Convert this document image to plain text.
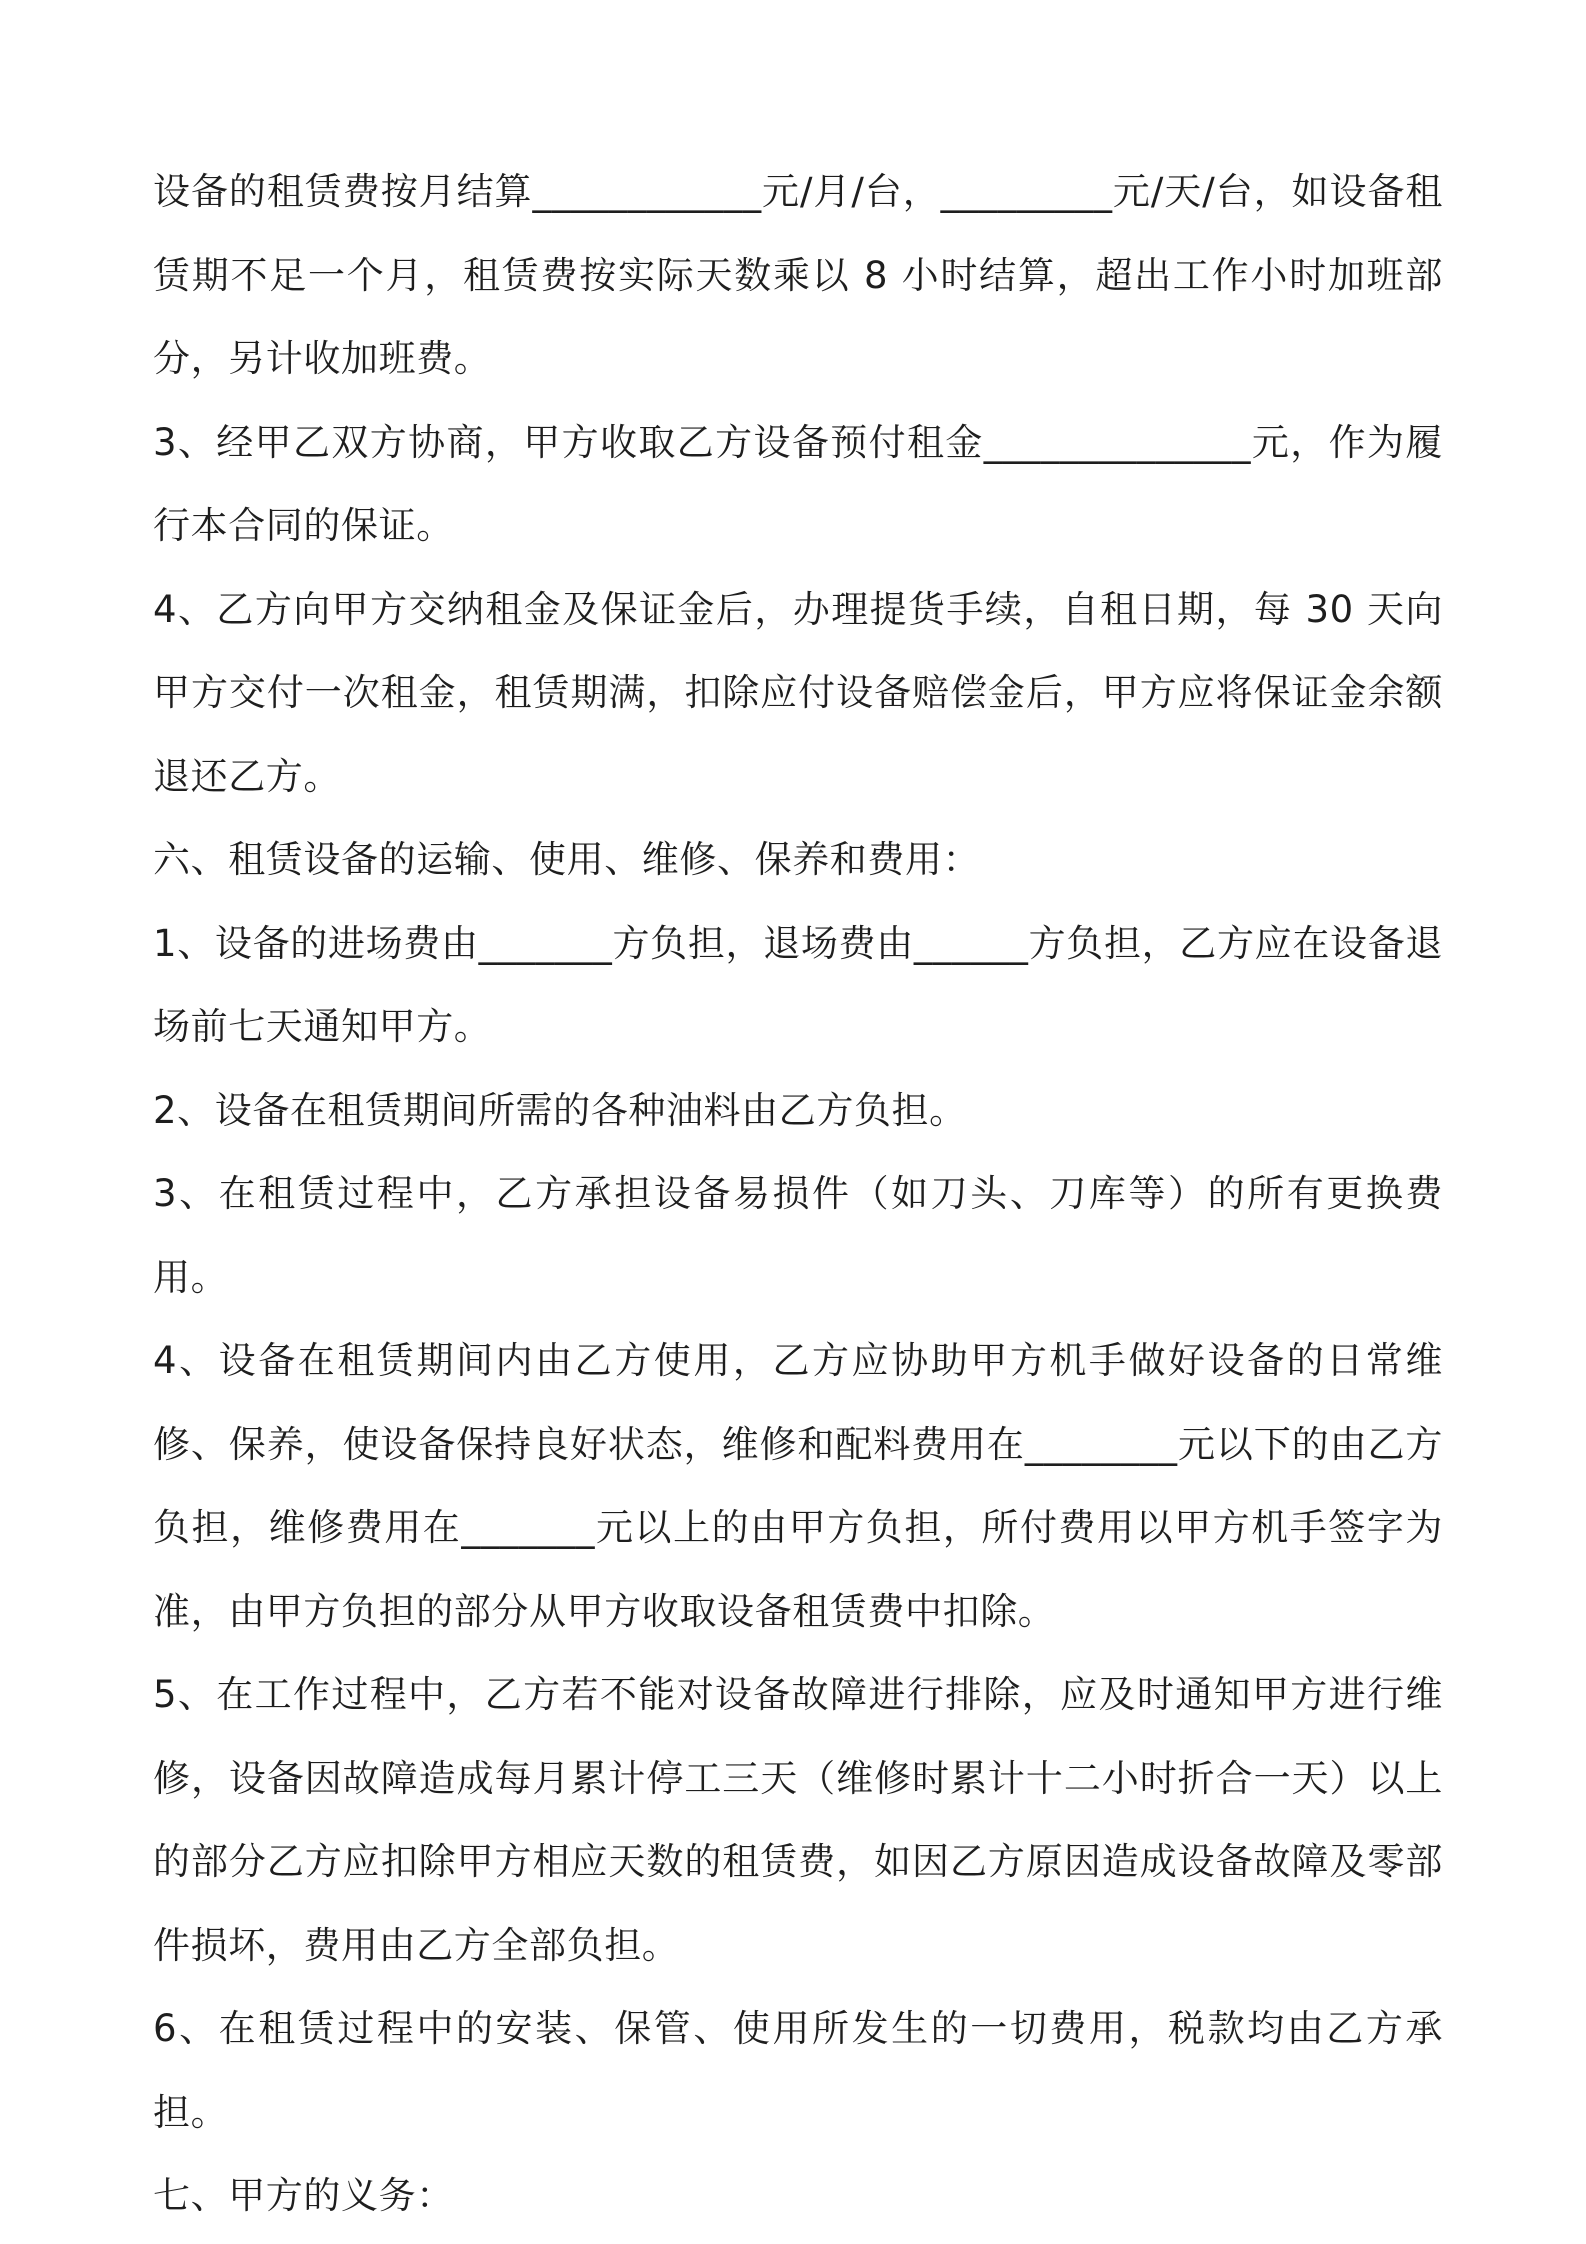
设备的租赁费按月结算____________元/月/台，_________元/天/台，如设备租赁期不足一个月，租赁费按实际天数乘以 8 小时结算，超出工作小时加班部分，另计收加班费。

3、经甲乙双方协商，甲方收取乙方设备预付租金______________元，作为履行本合同的保证。

4、乙方向甲方交纳租金及保证金后，办理提货手续，自租日期，每 30 天向甲方交付一次租金，租赁期满，扣除应付设备赔偿金后，甲方应将保证金余额退还乙方。

六、租赁设备的运输、使用、维修、保养和费用：

1、设备的进场费由_______方负担，退场费由______方负担，乙方应在设备退场前七天通知甲方。

2、设备在租赁期间所需的各种油料由乙方负担。

3、在租赁过程中，乙方承担设备易损件（如刀头、刀库等）的所有更换费用。

4、设备在租赁期间内由乙方使用，乙方应协助甲方机手做好设备的日常维修、保养，使设备保持良好状态，维修和配料费用在________元以下的由乙方负担，维修费用在_______元以上的由甲方负担，所付费用以甲方机手签字为准，由甲方负担的部分从甲方收取设备租赁费中扣除。

5、在工作过程中，乙方若不能对设备故障进行排除，应及时通知甲方进行维修，设备因故障造成每月累计停工三天（维修时累计十二小时折合一天）以上的部分乙方应扣除甲方相应天数的租赁费，如因乙方原因造成设备故障及零部件损坏，费用由乙方全部负担。

6、在租赁过程中的安装、保管、使用所发生的一切费用，税款均由乙方承担。

七、甲方的义务：
